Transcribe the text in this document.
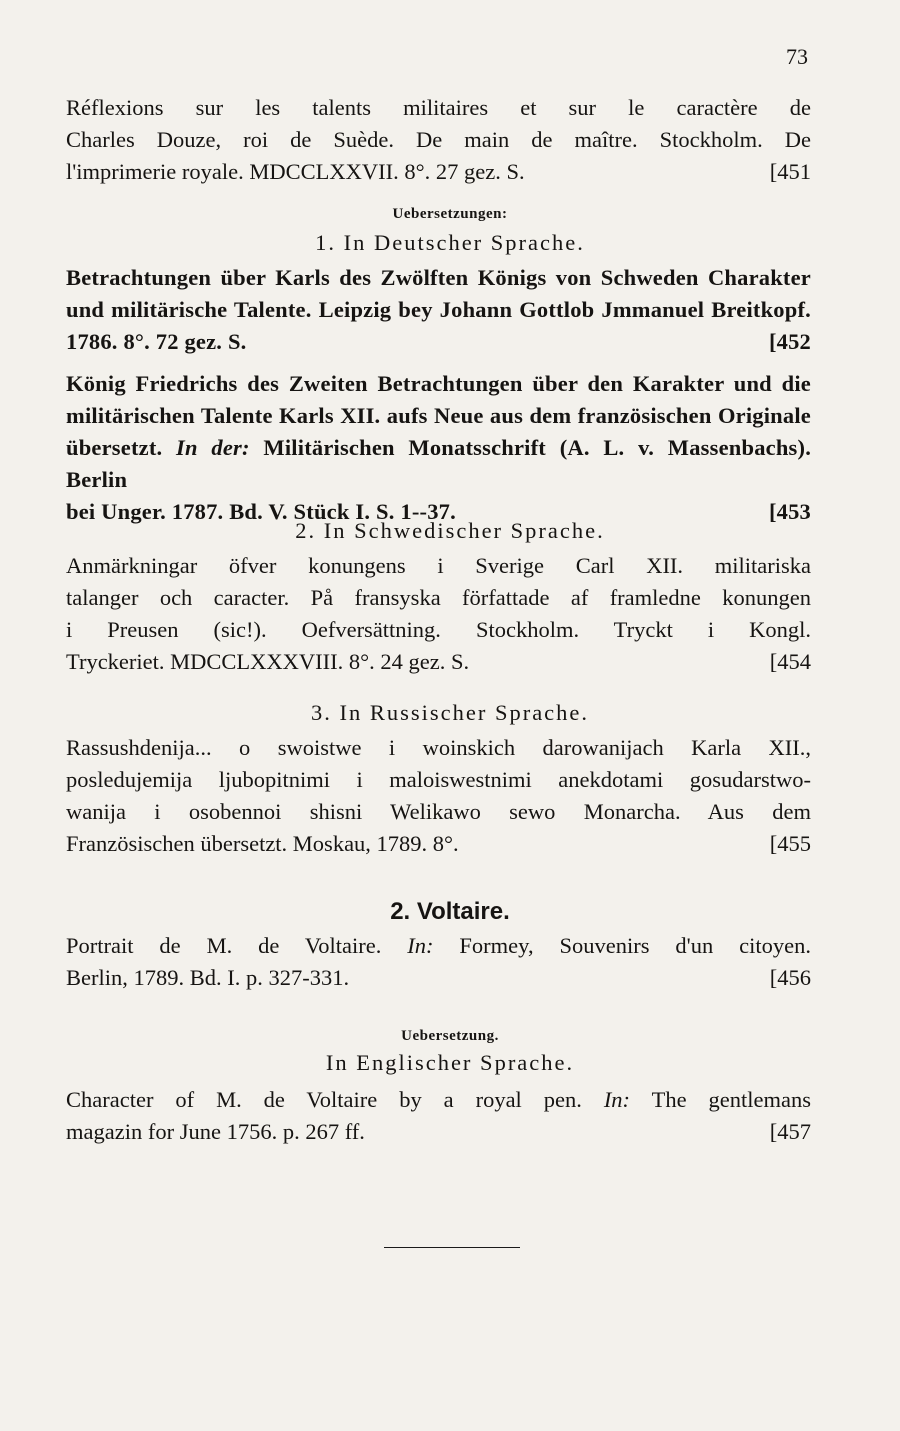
73

Réflexions sur les talents militaires et sur le caractère de

Charles Douze, roi de Suède. De main de maître. Stockholm. De

l'imprimerie royale. MDCCLXXVII. 8°. 27 gez. S.	[451

Uebersetzungen:
1. In Deutscher Sprache.

Betrachtungen über Karls des Zwölften Königs von Schweden Charakter

und militärische Talente. Leipzig bey Johann Gottlob Jmmanuel Breitkopf.

1786. 8°. 72 gez. S.	[452

König Friedrichs des Zweiten Betrachtungen über den Karakter und die

militärischen Talente Karls XII. aufs Neue aus dem französischen Originale

übersetzt. In der: Militärischen Monatsschrift (A. L. v. Massenbachs). Berlin

bei Unger. 1787. Bd. V. Stück I. S. 1--37.	[453

2. In Schwedischer Sprache.

Anmärkningar öfver konungens i Sverige Carl XII. militariska

talanger och caracter. På fransyska författade af framledne konungen

i Preusen (sic!). Oefversättning. Stockholm. Tryckt i Kongl.

Tryckeriet. MDCCLXXXVIII. 8°. 24 gez. S.	[454

3. In Russischer Sprache.

Rassushdenija... o swoistwe i woinskich darowanijach Karla XII.,

posledujemija ljubopitnimi i maloiswestnimi anekdotami gosudarstwo-

wanija i osobennoi shisni Welikawo sewo Monarcha. Aus dem

Französischen übersetzt. Moskau, 1789. 8°.	[455

2. Voltaire.

Portrait de M. de Voltaire. In: Formey, Souvenirs d'un citoyen.

Berlin, 1789. Bd. I. p. 327-331.	[456

Uebersetzung.
In Englischer Sprache.

Character of M. de Voltaire by a royal pen. In: The gentlemans

magazin for June 1756. p. 267 ff.	[457
